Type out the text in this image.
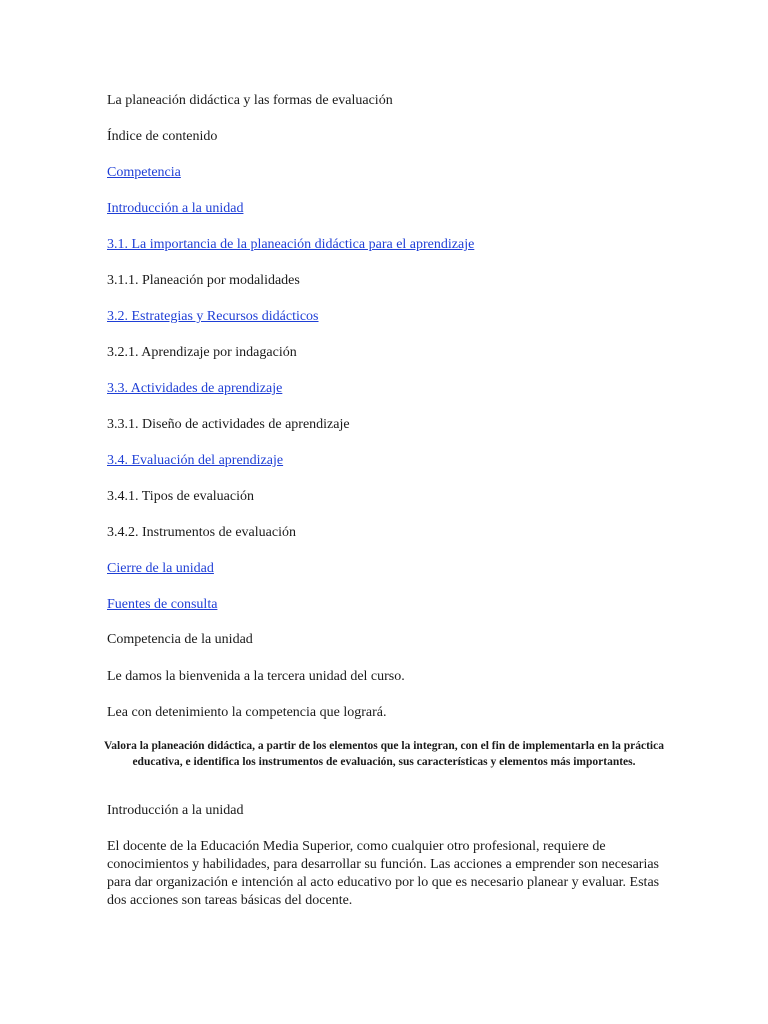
La planeación didáctica y las formas de evaluación

Índice de contenido

Competencia
Introducción a la unidad
3.1. La importancia de la planeación didáctica para el aprendizaje

3.1.1. Planeación por modalidades

3.2. Estrategias y Recursos didácticos

3.2.1. Aprendizaje por indagación

3.3. Actividades de aprendizaje

3.3.1. Diseño de actividades de aprendizaje

3.4. Evaluación del aprendizaje

3.4.1. Tipos de evaluación

3.4.2. Instrumentos de evaluación

Cierre de la unidad
Fuentes de consulta

Competencia de la unidad

Le damos la bienvenida a la tercera unidad del curso.

Lea con detenimiento la competencia que logrará.

Valora la planeación didáctica, a partir de los elementos que la integran, con el fin de implementarla en la práctica educativa, e identifica los instrumentos de evaluación, sus características y elementos más importantes.

Introducción a la unidad

El docente de la Educación Media Superior, como cualquier otro profesional, requiere de conocimientos y habilidades, para desarrollar su función. Las acciones a emprender son necesarias para dar organización e intención al acto educativo por lo que es necesario planear y evaluar. Estas dos acciones son tareas básicas del docente.
